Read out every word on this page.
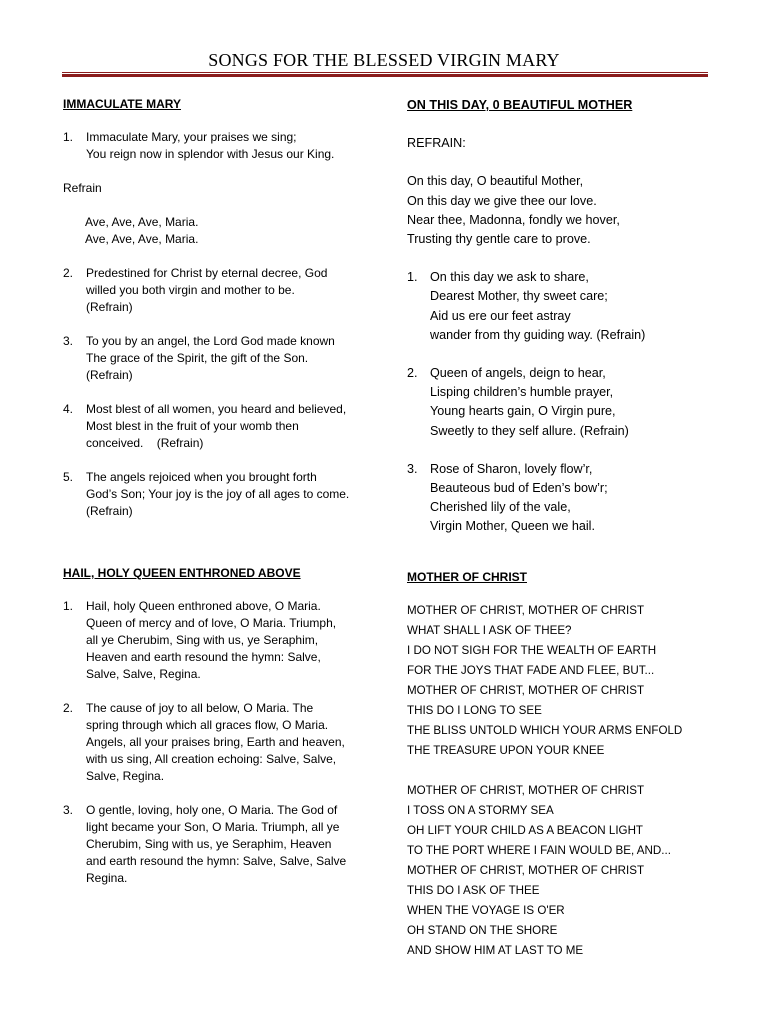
SONGS FOR THE BLESSED VIRGIN MARY
IMMACULATE MARY
1.	Immaculate Mary, your praises we sing;
You reign now in splendor with Jesus our King.
Refrain
Ave, Ave, Ave, Maria.
Ave, Ave, Ave, Maria.
2.	Predestined for Christ by eternal decree, God
willed you both virgin and mother to be.
(Refrain)
3.	To you by an angel, the Lord God made known
The grace of the Spirit, the gift of the Son.
(Refrain)
4.	Most blest of all women, you heard and believed,
Most blest in the fruit of your womb then
conceived.    (Refrain)
5.	The angels rejoiced when you brought forth
God’s Son; Your joy is the joy of all ages to come.
(Refrain)
HAIL, HOLY QUEEN ENTHRONED ABOVE
1.	Hail, holy Queen enthroned above, O Maria.
Queen of mercy and of love, O Maria. Triumph,
all ye Cherubim, Sing with us, ye Seraphim,
Heaven and earth resound the hymn: Salve,
Salve, Salve, Regina.
2.	The cause of joy to all below, O Maria. The
spring through which all graces flow, O Maria.
Angels, all your praises bring, Earth and heaven,
with us sing, All creation echoing: Salve, Salve,
Salve, Regina.
3.	O gentle, loving, holy one, O Maria. The God of
light became your Son, O Maria. Triumph, all ye
Cherubim, Sing with us, ye Seraphim, Heaven
and earth resound the hymn: Salve, Salve, Salve
Regina.
ON THIS DAY, 0 BEAUTIFUL MOTHER
REFRAIN:
On this day, O beautiful Mother,
On this day we give thee our love.
Near thee, Madonna, fondly we hover,
Trusting thy gentle care to prove.
1. On this day we ask to share,
Dearest Mother, thy sweet care;
Aid us ere our feet astray
wander from thy guiding way. (Refrain)
2. Queen of angels, deign to hear,
Lisping children’s humble prayer,
Young hearts gain, O Virgin pure,
Sweetly to they self allure. (Refrain)
3. Rose of Sharon, lovely flow’r,
Beauteous bud of Eden’s bow’r;
Cherished lily of the vale,
Virgin Mother, Queen we hail.
MOTHER OF CHRIST
MOTHER OF CHRIST, MOTHER OF CHRIST
WHAT SHALL I ASK OF THEE?
I DO NOT SIGH FOR THE WEALTH OF EARTH
FOR THE JOYS THAT FADE AND FLEE, BUT...
MOTHER OF CHRIST, MOTHER OF CHRIST
THIS DO I LONG TO SEE
THE BLISS UNTOLD WHICH YOUR ARMS ENFOLD
THE TREASURE UPON YOUR KNEE
MOTHER OF CHRIST, MOTHER OF CHRIST
I TOSS ON A STORMY SEA
OH LIFT YOUR CHILD AS A BEACON LIGHT
TO THE PORT WHERE I FAIN WOULD BE, AND...
MOTHER OF CHRIST, MOTHER OF CHRIST
THIS DO I ASK OF THEE
WHEN THE VOYAGE IS O'ER
OH STAND ON THE SHORE
AND SHOW HIM AT LAST TO ME
